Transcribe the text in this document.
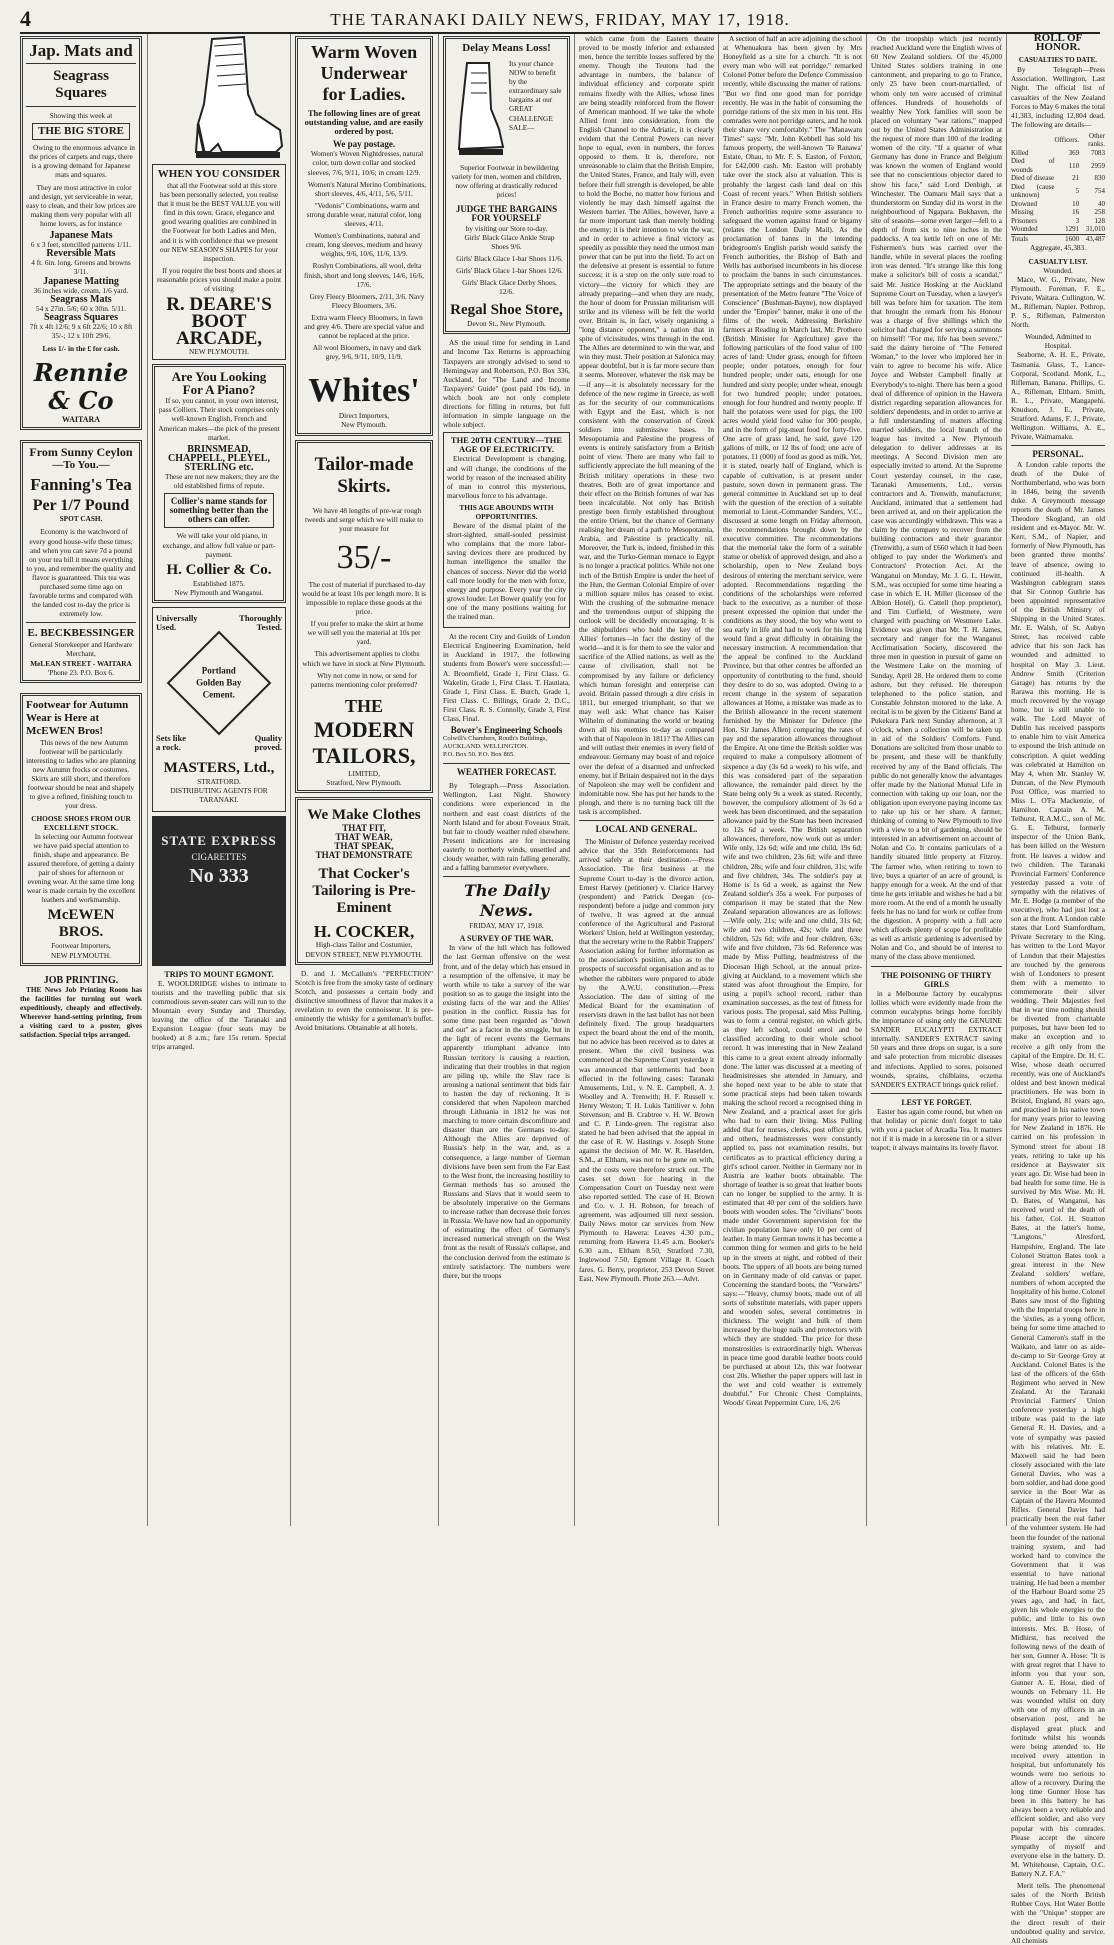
4	THE TARANAKI DAILY NEWS, FRIDAY, MAY 17, 1918.
Jap. Mats and
Seagrass Squares
Showing this week at
THE BIG STORE

Owing to the enormous advance in the prices of carpets and rugs, there is a growing demand for Japanese mats and squares.

They are most attractive in color and design, yet serviceable in wear, easy to clean, and their low prices are making them very popular with all home lovers, as for instance

Japanese Mats
6 x 3 feet, stencilled patterns 1/11.
Reversible Mats
4 ft. 6in. long. Greens and browns 3/11.
Japanese Matting
36 inches wide, cream, 1/6 yard.
Seagrass Mats
54 x 27in. 5/6; 60 x 30in. 5/11.
Seagrass Squares
7ft x 4ft 12/6; 9 x 6ft 22/6; 10 x 8ft 35/-; 12 x 10ft 29/6.
Less 1/- in the £ for cash.
Rennie & Co
WAITARA
From Sunny Ceylon
—To You.—
Fanning's Tea
Per 1/7 Pound
SPOT CASH.

Economy is the watchword of every good house-wife these times, and when you can save 7d a pound on your tea bill it means everything to you, and remember the quality and flavor is guaranteed. This tea was purchased some time ago on favorable terms and compared with the landed cost to-day the price is extremely low.

E. BECKBESSINGER
General Storekeeper and Hardware Merchant,
MeLEAN STREET - WAITARA
'Phone 23. P.O. Box 6.
Footwear for Autumn Wear is Here at McEWEN Bros!

This news of the new Autumn footwear will be particularly interesting to ladies who are planning new Autumn frocks or costumes. Skirts are still short, and therefore footwear should be neat and shapely to give a refined, finishing touch to your dress.

CHOOSE SHOES FROM OUR EXCELLENT STOCK.

In selecting our Autumn footwear we have paid special attention to finish, shape and appearance. Be assured therefore, of getting a dainty pair of shoes for afternoon or evening wear. At the same time long wear is made certain by the excellent leathers and workmanship.

McEWEN BROS.
Footwear Importers,
NEW PLYMOUTH.
JOB PRINTING.

THE News Job Printing Room has the facilities for turning out work expeditiously, cheaply and effectively. Wherever hand-setting printing, from a visiting card to a poster, gives satisfaction. Special trips arranged.

WHEN YOU CONSIDER

that all the Footwear sold at this store has been personally selected, you realise that it must be the BEST VALUE you will find in this town. Grace, elegance and good wearing qualities are combined in the Footwear for both Ladies and Men, and it is with confidence that we present our NEW SEASON'S SHAPES for your inspection.

If you require the best boots and shoes at reasonable prices you should make a point of visiting

R. DEARE'S
BOOT
ARCADE,
NEW PLYMOUTH.
Are You Looking
For A Piano?

If so, you cannot, in your own interest, pass Colliers. Their stock comprises only well-known English, French and American makes—the pick of the present market.

BRINSMEAD, CHAPPELL, PLEYEL, STERLING etc.

These are not new makers; they are the old established firms of repute.

Collier's name stands for something better than the others can offer.

We will take your old piano, in exchange, and allow full value or part-payment.

H. Collier & Co.
Established 1875.
New Plymouth and Wanganui.
Universally	Thoroughly
Used.	Tested.
Portland
Golden Bay
Cement.
Sets like	Quality
a rock.	proved.
MASTERS, Ltd.,
STRATFORD.
DISTRIBUTING AGENTS FOR TARANAKI.
STATE EXPRESS
CIGARETTES
No 333
TRIPS TO MOUNT EGMONT.

E. WOOLDRIDGE wishes to intimate to tourists and the travelling public that six commodious seven-seater cars will run to the Mountain every Sunday and Thursday, leaving the office of the Taranaki and Expansion League (four seats may be booked) at 8 a.m.; fare 15s return. Special trips arranged.

Warm Woven
Underwear
for Ladies.
The following lines are of great outstanding value, and are easily ordered by post.
We pay postage.

Women's Woven Nightdresses, natural color, turn down collar and stocked sleeves, 7/6, 9/11, 10/6; in cream 12/9.

Women's Natural Merino Combinations, short sleeves, 4/6, 4/11, 5/6, 5/11.

"Vedonis" Combinations, warm and strong durable wear, natural color, long sleeves, 4/11.

Women's Combinations, natural and cream, long sleeves, medium and heavy weights, 9/6, 10/6, 11/6, 13/9.

Roslyn Combinations, all wool, delta finish, short and long sleeves, 14/6, 16/6, 17/6.

Grey Fleecy Bloomers, 2/11, 3/6. Navy Fleecy Bloomers, 3/6.

Extra warm Fleecy Bloomers, in fawn and grey 4/6. There are special value and cannot be replaced at the price.

All wool Bloomers, in navy and dark grey, 9/6, 9/11, 10/9, 11/9.

Whites'
Direct Importers,
New Plymouth.
Tailor-made
Skirts.

We have 48 lengths of pre-war rough tweeds and serge which we will make to your measure for

35/-

The cost of material if purchased to-day would be at least 10s per length more. It is impossible to replace these goods at the price.

If you prefer to make the skirt at home we will sell you the material at 10s per yard.

This advertisement applies to cloths which we have in stock at New Plymouth.

Why not come in now, or send for patterns mentioning color preferred?

THE
MODERN
TAILORS,
LIMITED,
Stratford, New Plymouth.
We Make Clothes
THAT FIT,
THAT WEAR,
THAT SPEAK,
THAT DEMONSTRATE
That Cocker's Tailoring is Pre-Eminent
H. COCKER,
High-class Tailor and Costumier,
DEVON STREET, NEW PLYMOUTH.

D. and J. McCallum's "PERFECTION" Scotch is free from the smoky taste of ordinary Scotch, and possesses a certain body and distinctive smoothness of flavor that makes it a revelation to even the connoisseur. It is pre-eminently the whisky for a gentleman's buffet. Avoid Imitations. Obtainable at all hotels.

Delay Means Loss!
Its your chance NOW to benefit by the extraordinary sale bargains at our GREAT CHALLENGE SALE—

Superior Footwear in bewildering variety for men, women and children, now offering at drastically reduced prices!

JUDGE THE BARGAINS FOR YOURSELF
by visiting our Store to-day.

Girls' Black Glace Ankle Strap Shoes 9/6.

Girls' Black Glace 1-bar Shoes 11/6.

Girls' Black Glace 1-bar Shoes 12/6.

Girls' Black Glace Derby Shoes, 12/6.

Regal Shoe Store,
Devon St., New Plymouth.

AS the usual time for sending in Land and Income Tax Returns is approaching Taxpayers are strongly advised to send to Hemingway and Robertson, P.O. Box 336, Auckland, for "The Land and Income Taxpayers' Guide" (post paid 10s 6d), in which book are not only complete directions for filling in returns, but full information in simple language on the whole subject.

THE 20TH CENTURY—THE AGE OF ELECTRICITY.

Electrical Development is changing, and will change, the conditions of the world by reason of the increased ability of man to control this mysterious, marvellous force to his advantage.

THIS AGE ABOUNDS WITH OPPORTUNITIES.

Beware of the dismal plaint of the short-sighted, small-souled pessimist who complains that the more labor-saving devices there are produced by human intelligence the smaller the chances of success. Never did the world call more loudly for the men with force, energy and purpose. Every year the city grows louder. Let Bower qualify you for one of the many positions waiting for the trained man.

At the recent City and Guilds of London Electrical Engineering Examination, held in Auckland in 1917, the following students from Bower's were successful:— A. Broomfield, Grade 1, First Class. G. Wakelin, Grade 1, First Class. T. Hautiata, Grade 1, First Class. E. Burch, Grade 1, First Class. C. Billings, Grade 2, D.C., First Class. R. S. Connolly, Grade 3, First Class, Final.

Bower's Engineering Schools
Colwill's Chambers, Routh's Buildings,
AUCKLAND. WELLINGTON.
P.O. Box 50. P.O. Box 865.
WEATHER FORECAST.

By Telegraph.—Press Association. Wellington, Last Night. Showery conditions were experienced in the northern and east coast districts of the North Island and for about Foveaux Strait, but fair to cloudy weather ruled elsewhere. Present indications are for increasing easterly to northerly winds, unsettled and cloudy weather, with rain falling generally, and a falling barometer everywhere.

The Daily News.
FRIDAY, MAY 17, 1918.
A SURVEY OF THE WAR.

In view of the lull which has followed the last German offensive on the west front, and of the delay which has ensued in a resumption of the offensive, it may be worth while to take a survey of the war position so as to gauge the insight into the existing facts of the war and the Allies' position in the conflict. Russia has for some time past been regarded as "down and out" as a factor in the struggle, but in the light of recent events the Germans apparently triumphant advance into Russian territory is causing a reaction, indicating that their troubles in that region are piling up, while the Slav race is arousing a national sentiment that bids fair to hasten the day of reckoning. It is considered that when Napoleon marched through Lithuania in 1812 he was not marching to more certain discomfiture and disaster than are the Germans to-day. Although the Allies are deprived of Russia's help in the war, and, as a consequence, a large number of German divisions have been sent from the Far East to the West front, the increasing hostility to German methods has so aroused the Russians and Slavs that it would seem to be absolutely imperative on the Germans to increase rather than decrease their forces in Russia. We have now had an opportunity of estimating the effect of Germany's increased numerical strength on the West front as the result of Russia's collapse, and the conclusion derived from the estimate is entirely satisfactory. The numbers were there, but the troops

which came from the Eastern theatre proved to be mostly inferior and exhausted men, hence the terrible losses suffered by the enemy. Though the Teutons had the advantage in numbers, the balance of individual efficiency and corporate spirit remains fixedly with the Allies, whose lines are being steadily reinforced from the flower of American manhood. If we take the whole Allied front into consideration, from the English Channel to the Adriatic, it is clearly evident that the Central Powers can never hope to equal, even in numbers, the forces opposed to them. It is, therefore, not unreasonable to claim that the British Empire, the United States, France, and Italy will, even before their full strength is developed, be able to hold the Boche, no matter how furious and violently he may dash himself against the Western barrier. The Allies, however, have a far more important task than merely holding the enemy; it is their intention to win the war, and in order to achieve a final victory as speedily as possible they need the utmost man power that can be put into the field. To act on the defensive at present is essential to future success; it is a step on the only sure road to victory—the victory for which they are already preparing—and when they are ready, the hour of doom for Prussian militarism will strike and its vileness will be felt the world over. Britain is, in fact, wisely organising a "long distance opponent," a nation that in spite of vicissitudes, wins through in the end. The Allies are determined to win the war, and win they must. Their position at Salonica may appear doubtful, but it is far more secure than it seems. Moreover, whatever the risk may be—if any—it is absolutely necessary for the defence of the new regime in Greece, as well as for the security of our communications with Egypt and the East, which is not consistent with the conservation of Greek soldiers into submissive bases. In Mesopotamia and Palestine the progress of events is entirely satisfactory from a British point of view. There are many who fail to sufficiently appreciate the full meaning of the British military operations in these two theatres. Both are of great importance and their effect on the British fortunes of war has been incalculable. Not only has British prestige been firmly established throughout the entire Orient, but the chance of Germany realising her dream of a path to Mesopotamia, Arabia, and Palestine is practically nil. Moreover, the Turk is, indeed, finished in this war, and the Turko-German menace to Egypt is no longer a practical politics. While not one inch of the British Empire is under the heel of the Hun, the German Colonial Empire of over a million square miles has ceased to exist. With the crushing of the submarine menace and the tremendous output of shipping the outlook will be decidedly encouraging. It is the shipbuilders who hold the key of the Allies' fortunes—in fact the destiny of the world—and it is for them to see the valor and sacrifice of the Allied nations, as well as the cause of civilisation, shall not be compromised by any failure or deficiency which human foresight and enterprise can avoid. Britain passed through a dire crisis in 1811, but emerged triumphant, so that we may well ask: What chance has Kaiser Wilhelm of dominating the world or beating down all his enemies to-day as compared with that of Napoleon in 1811? The Allies can and will outlast their enemies in every field of endeavour. Germany may boast of and rejoice over the defeat of a disarmed and unfrecked enemy, but if Britain despaired not in the days of Napoleon she may well be confident and indomitable now. She has put her hands to the plough, and there is no turning back till the task is accomplished.

LOCAL AND GENERAL.

The Minister of Defence yesterday received advice that the 35th Reinforcements had arrived safely at their destination.—Press Association. The first business at the Supreme Court to-day is the divorce action, Ernest Harvey (petitioner) v. Clarice Harvey (respondent) and Patrick Deegan (co-respondent) before a judge and common jury of twelve. It was agreed at the annual conference of the Agricultural and Pastoral Workers' Union, held at Wellington yesterday, that the secretary write to the Rabbit Trappers' Association asking for further information as to the association's position, also as to the prospects of successful organisation and as to whether the rabbiters were prepared to abide by the A.W.U. constitution.—Press Association. The date of sitting of the Medical Board for the examination of reservists drawn in the last ballot has not been definitely fixed. The group headquarters expect the board about the end of the month, but no advice has been received as to dates at present. When the civil business was commenced at the Supreme Court yesterday it was announced that settlements had been effected in the following cases: Taranaki Amusements, Ltd., v. N. E. Campbell, A. J. Woolley and A. Trenwith; H. F. Russell v. Henry Weston; T. H. Lukis Tattiliver v. John Stevenson; and B. Crabtree v. H. W. Brown and C. P. Linde-green. The registrar also stated he had been advised that the appeal in the case of R. W. Hastings v. Joseph Stone against the decision of Mr. W. R. Haselden, S.M., at Eltham, was not to be gone on with, and the costs were therefore struck out. The cases set down for hearing in the Compensation Court on Tuesday next were also reported settled. The case of H. Brown and Co. v. J. H. Robson, for breach of agreement, was adjourned till next session. Daily News motor car services from New Plymouth to Hawera: Leaves 4.30 p.m., returning from Hawera 11.45 a.m. Booker's 6.30 a.m., Eltham 8.50, Stratford 7.30, Inglewood 7.50, Egmont Village 8. Coach fares. G. Berry, proprietor, 253 Devon Street East, New Plymouth. Phone 263.—Advt.

A section of half an acre adjoining the school at Whenuakura has been given by Mrs Honeyfield as a site for a church. "It is not every man who will eat porridge," remarked Colonel Potter before the Defence Commission recently, while discussing the matter of rations. "But we find one good man for porridge recently. He was in the habit of consuming the porridge rations of the six men in his tent. His comrades were not porridge eaters, and he took their share very comfortably." The "Manawatu Times" says: "Mr. John Kebbell has sold his famous property, the well-known 'Te Ranawa' Estate, Ohau, to Mr. F. S. Easton, of Foxton, for £42,000 cash. Mr. Easton will probably take over the stock also at valuation. This is probably the largest cash land deal on this Coast of recent years." When British soldiers in France desire to marry French women, the French authorities require some assurance to safeguard the women against fraud or bigamy (relates the London Daily Mail). As the proclamation of banns in the intending bridegroom's English parish would satisfy the French authorities, the Bishop of Bath and Wells has authorised incumbents in his diocese to proclaim the banns in such circumstances. The appropriate settings and the beauty of the presentation of the Metro feature "The Voice of Conscience" (Bushman-Bayne), now displayed under the "Empire" banner, make it one of the films of the week. Addressing Berkshire farmers at Reading in March last, Mr. Prothero (British Minister for Agriculture) gave the following particulars of the food value of 100 acres of land: Under grass, enough for fifteen people; under potatoes, enough for four hundred people; under oats, enough for one hundred and sixty people; under wheat, enough for two hundred people; under potatoes, enough for four hundred and twenty people. If half the potatoes were used for pigs, the 100 acres would yield food value for 300 people, and in the form of pig-meat food for forty-five. One acre of grass land, he said, gave 120 gallons of milk, or 12 lbs of food; one acre of potatoes, 11 (000) of food as good as milk. Yet, it is stated, nearly half of England, which is capable of cultivation, is at present under pasture, sown down in permanent grass. The general committee in Auckland set up to deal with the question of the erection of a suitable memorial to Lieut.-Commander Sanders, V.C., discussed at some length on Friday afternoon, the recommendations brought down by the executive committee. The recommendations that the memorial take the form of a suitable statue or obelisk of approved design, and also a scholarship, open to New Zealand boys desirous of entering the merchant service, were adopted. Recommendations regarding the conditions of the scholarships were referred back to the executive, as a number of those present expressed the opinion that under the conditions as they stood, the boy who went to sea early in life and had to work for his living would find a great difficulty in obtaining the necessary instruction. A recommendation that the appeal be confined to the Auckland Province, but that other centres be afforded an opportunity of contributing to the fund, should they desire to do so, was adopted. Owing to a recent change in the system of separation allowances at Home, a mistake was made as to the British allowance in the recent statement furnished by the Minister for Defence (the Hon. Sir James Allen) comparing the rates of pay and the separation allowances throughout the Empire. At one time the British soldier was required to make a compulsory allotment of sixpence a day (3s 6d a week) to his wife, and this was considered part of the separation allowance, the remainder paid direct by the State being only 9s a week as stated. Recently, however, the compulsory allotment of 3s 6d a week has been discontinued, and the separation allowance paid by the State has been increased to 12s 6d a week. The British separation allowances, therefore, now work out as under: Wife only, 12s 6d; wife and one child, 19s 6d; wife and two children, 23s 6d; wife and three children, 28s; wife and four children, 31s; wife and five children, 34s. The soldier's pay at Home is 1s 6d a week, as against the New Zealand soldier's 35s a week. For purposes of comparison it may be stated that the New Zealand separation allowances are as follows:—Wife only, 21s; wife and one child, 31s 6d; wife and two children, 42s; wife and three children, 52s 6d; wife and four children, 63s; wife and five children, 73s 6d. Reference was made by Miss Pulling, headmistress of the Diocesan High School, at the annual prize-giving at Auckland, to a movement which she stated was afoot throughout the Empire, for using a pupil's school record, rather than examination successes, as the test of fitness for various posts. The proposal, said Miss Pulling, was to form a central register, on which girls, as they left school, could enrol and be classified according to their whole school record. It was interesting that in New Zealand this came to a great extent already informally done. The latter was discussed at a meeting of headmistresses she attended in January, and she hoped next year to be able to state that some practical steps had been taken towards making the school record a recognised thing in New Zealand, and a practical asset for girls who had to earn their living. Miss Pulling added that for nurses, clerks, post office girls, and others, headmistresses were constantly applied to, pass not examination results, but certificates as to practical efficiency during a girl's school career. Neither in Germany nor in Austria are leather boots obtainable. The shortage of leather is so great that leather boots can no longer be supplied to the army. It is estimated that 40 per cent of the soldiers have boots with wooden soles. The "civilians" boots made under Government supervision for the civilian population have only 10 per cent of leather. In many German towns it has become a common thing for women and girls to be held up in the streets at night, and robbed of their boots. The uppers of all boots are being turned on in Germany made of old canvas or paper. Concerning the standard boots, the "Vorwärts" says:—"Heavy, clumsy boots, made out of all sorts of substitute materials, with paper uppers and wooden soles, several centimetres in thickness. The weight and bulk of them increased by the huge nails and protectors with which they are studded. The price for these monstrosities is extraordinarily high. Whereas in peace time good durable leather boots could be purchased at about 12s, this war footwear cost 20s. Whether the paper uppers will last in the wet and cold weather is extremely doubtful." For Chronic Chest Complaints, Woods' Great Peppermint Cure, 1/6, 2/6

On the troopship which just recently reached Auckland were the English wives of 60 New Zealand soldiers. Of the 45,000 United States soldiers training in one cantonment, and preparing to go to France, only 25 have been court-martialled, of whom only ten were accused of criminal offences. Hundreds of households of wealthy New York families will soon be placed on voluntary "war rations," mapped out by the United States Administration at the request of more than 100 of the leading women of the city. "If a quarter of what Germany has done in France and Belgium was known the women of England would see that no conscientious objector dared to show his face," said Lord Denbigh, at Winchester. The Oamaru Mail says that a thunderstorm on Sunday did its worst in the neighbourhood of Ngapara. Bukhaven, the site of seasons—some even larger—fell to a depth of from six to nine inches in the paddocks. A tea kettle left on one of Mr. Fishermen's huts was carried over the handle, while in several places the roofing iron was dented. "It's strange like this long make a solicitor's bill of costs a scandal," said Mr. Justice Hosking at the Auckland Supreme Court on Tuesday, when a lawyer's bill was before him for taxation. The item that brought the remark from his Honour was a charge of five shillings which the solicitor had charged for serving a summons on himself! "For me, life has been severe," said the dainty heroine of "The Fettered Woman," to the lover who implored her in vain to agree to become his wife. Alice Joyce and Webster Campbell finally at Everybody's to-night. There has been a good deal of difference of opinion in the Hawera district regarding separation allowances for soldiers' dependents, and in order to arrive at a full understanding of matters affecting married soldiers, the local branch of the league has invited a New Plymouth delegation to deliver addresses at its meetings. A Second Division men are especially invited to attend. At the Supreme Court yesterday counsel, in the case, Taranaki Amusements, Ltd., versus contractors and A. Trenwith, manufacturer, Auckland, intimated that a settlement had been arrived at, and on their application the case was accordingly withdrawn. This was a claim by the company to recover from the building contractors and their guarantor (Trenwith), a sum of £660 which it had been obliged to pay under the Workmen's and Contractors' Protection Act. At the Wanganui on Monday, Mr. J. G. L. Hewitt, S.M., was occupied for some time hearing a case in which E. H. Miller (licensee of the Albion Hotel), G. Cattell (hop proprietor), and Tim Cutfield, of Westmere, were charged with poaching on Westmere Lake. Evidence was given that Mr. T. H. James, secretary and ranger for the Wanganui Acclimatisation Society, discovered the three men in question in pursuit of game on the Westmere Lake on the morning of Sunday, April 28. He ordered them to come ashore, but they refused. He thereupon telephoned to the police station, and Constable Johnston motored to the lake. A recital is to be given by the Citizens' Band at Pukekura Park next Sunday afternoon, at 3 o'clock, when a collection will be taken up in aid of the Soldiers' Comforts Fund. Donations are solicited from those unable to be present, and these will be thankfully received by any of the Band officials. The public do not generally know the advantages offer made by the National Mutual Life in connection with taking up our loan, nor the obligation upon everyone paying income tax to take up his or her share. A farmer, thinking of coming to New Plymouth to live with a view to a bit of gardening, should be interested in an advertisement on account of Nolan and Co. It contains particulars of a handily situated little property at Fitzroy. The farmer who, when retiring to town to live, buys a quarter of an acre of ground, is happy enough for a week. At the end of that time he gets irritable and wishes he had a bit more room. At the end of a month he usually feels he has no land for work or coffee from the digestion. A property with a full acre which affords plenty of scope for profitable as well as artistic gardening is advertised by Nolan and Co., and should be of interest to many of the class above mentioned.

THE POISONING OF THIRTY GIRLS

in a Melbourne factory by eucalyptus lollies which were evidently made from the common eucalyptus brings home forcibly the importance of using only the GENUINE SANDER EUCALYPTI EXTRACT internally. SANDER'S EXTRACT saving 50 years and three drops on sugar, is a sure and safe protection from microbic diseases and infections. Applied to sores, poisoned wounds, sprains, chilblains, eczema SANDER'S EXTRACT brings quick relief.

LEST YE FORGET.

Easter has again come round, but when on that holiday or picnic don't forget to take with you a packet of Arcadia Tea. It matters not if it is made in a kerosene tin or a silver teapot; it always maintains its lovely flavor.

ROLL OF HONOR.
CASUALTIES TO DATE.

By Telegraph—Press Association. Wellington, Last Night. The official list of casualties of the New Zealand Forces to May 6 makes the total 41,383, including 12,804 dead. The following are details—

	Officers.	Other ranks.
Killed	369	7083
Died of wounds	110	2959
Died of disease	21	830
Died (cause unknown)	5	754
Drowned	10	40
Missing	16	258
Prisoners	3	128
Wounded	1291	31,010
Totals	1600	43,487
Aggregate, 45,383.
CASUALTY LIST.
Wounded.

Mace, W. G., Private, New Plymouth. Foreman, F. E., Private, Waitara. Cullington, W. M., Rifleman, Napier. Pothrop, P. S., Rifleman, Palmerston North.

Wounded, Admitted to Hospital.

Seaborne, A. H. E., Private, Tasmania. Glass, T., Lance-Corporal, Scotland. Monk, L., Rifleman, Banana. Phillips, C. A., Rifleman, Eltham. Smith, R. L., Private, Mangapehi. Knudson, J. E., Private, Stratford. Adams, F. J., Private, Wellington. Williams, A. E., Private, Waimamaku.

PERSONAL.

A London cable reports the death of the Duke of Northumberland, who was born in 1846, being the seventh duke. A Greymouth message reports the death of Mr. James Theodore Skogland, an old resident and ex-Mayor. Mr. W. Kerr, S.M., of Napier, and formerly of New Plymouth, has been granted three months' leave of absence, owing to continued ill-health. A Washington cablegram states that Sir Connop Guthrie has been appointed representative of the British Ministry of Shipping in the United States. Mr. E. Walsh, of St. Aubyn Street, has received cable advice that his son Jack has wounded and admitted to hospital on May 3. Lieut. Andrew Smith (Criterion Garage) has returns by the Rarawa this morning. He is much recovered by the voyage home, but is still unable to walk. The Lord Mayor of Dublin has received passports to enable him to visit America to expound the Irish attitude on conscription. A quiet wedding was celebrated at Hamilton on May 4, when Mr. Stanley W. Duncan, of the New Plymouth Post Office, was married to Miss L. O'Fa Mackenzie, of Hamilton. Captain A. M. Telhurst, R.A.M.C., son of Mr. G. E. Telhurst, formerly inspector of the Union Bank, has been killed on the Western front. He leaves a widow and two children. The Taranaki Provincial Farmers' Conference yesterday passed a vote of sympathy with the relatives of Mr. E. Hodge (a member of the executive), who had just lost a son at the front. A London cable states that Lord Stamfordham, Private Secretary to the King, has written to the Lord Mayor of London that their Majesties are touched by the generous wish of Londoners to present them with a memento to commemorate their silver wedding. Their Majesties feel that in war time nothing should be diverted from charitable purposes, but have been led to make an exception and to receive a gift only from the capital of the Empire. Dr. H. C. Wise, whose death occurred recently, was one of Auckland's oldest and best known medical practitioners. He was born in Bristol, England, 81 years ago, and practised in his native town for many years prior to leaving for New Zealand in 1876. He carried on his profession in Symond street for about 18 years, retiring to take up his residence at Bayswater six years ago. Dr. Wise had been in bad health for some time. He is survived by Mrs Wise. Mr. H. D. Bates, of Wanganui, has received word of the death of his father, Col. H. Stratton Bates, at the latter's home, "Langtons," Alresford, Hampshire, England. The late Colonel Stratton Bates took a great interest in the New Zealand soldiers' welfare, numbers of whom accepted the hospitality of his home. Colonel Bates saw most of the fighting with the Imperial troops here in the 'sixties, as a young officer, being for some time attached to General Cameron's staff in the Waikato, and later on as aide-de-camp to Sir George Grey at Auckland. Colonel Bates is the last of the officers of the 65th Regiment who served in New Zealand. At the Taranaki Provincial Farmers' Union conference yesterday a high tribute was paid to the late General R. H. Davies, and a vote of sympathy was passed with his relatives. Mr. E. Maxwell said he had been closely associated with the late General Davies, who was a born soldier, and had done good service in the Boer War as Captain of the Havera Mounted Rifles. General Davies had practically been the real father of the volunteer system. He had been the founder of the national training system, and had worked hard to convince the Government that it was essential to have national training. He had been a member of the Harbour Board some 25 years ago, and had, in fact, given his whole energies to the public, and little to his own interests. Mrs. B. Hose, of Midhirst, has received the following news of the death of her son, Gunner A. Hose: "It is with great regret that I have to inform you that your son, Gunner A. E. Hose, died of wounds on February 11. He was wounded whilst on duty with one of my officers in an observation post, and he displayed great pluck and fortitude whilst his wounds were being attended to. He received every attention in hospital, but unfortunately his wounds were too serious to allow of a recovery. During the long time Gunner Hose has been in this battery he has always been a very reliable and efficient soldier, and also very popular with his comrades. Please accept the sincere sympathy of myself and everyone else in the battery. D. M. Whitehouse, Captain, O.C. Battery N.Z. F.A."

Merit tells. The phenomenal sales of the North British Rubber Coys. Hot Water Bottle with the "Unique" stopper are the direct result of their undoubted quality and service. All chemists
